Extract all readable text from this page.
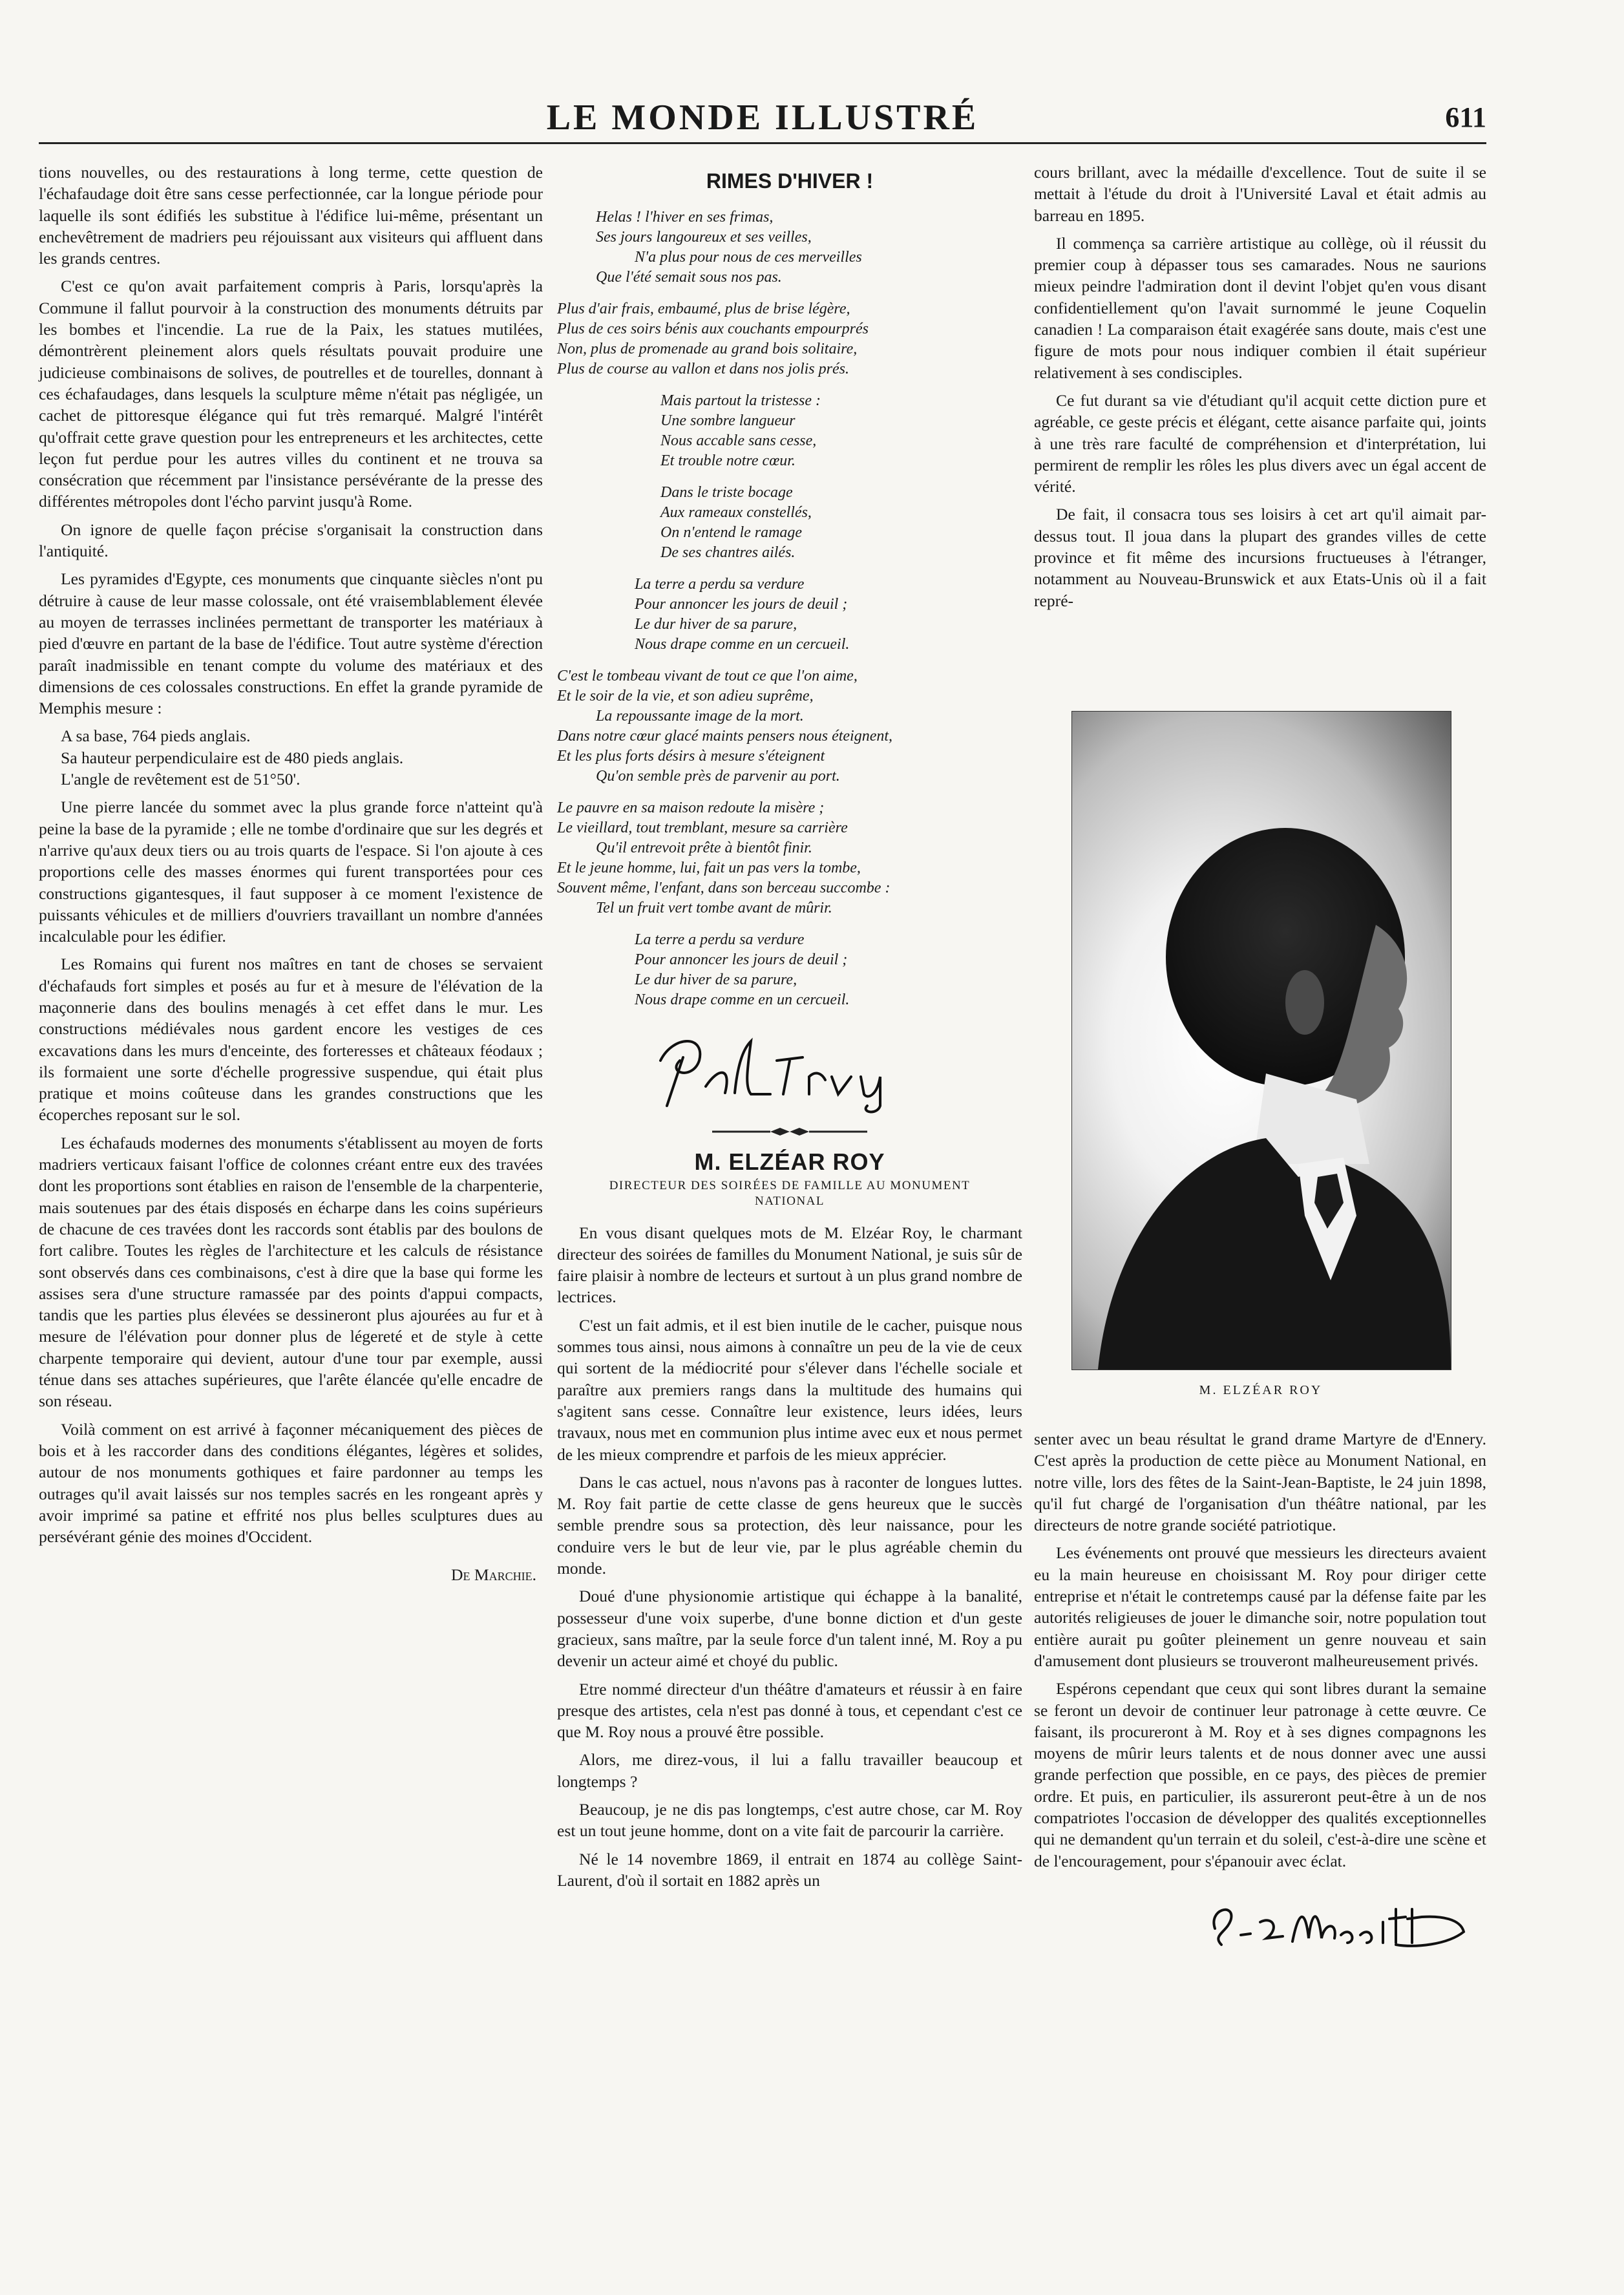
LE MONDE ILLUSTRÉ	611

tions nouvelles, ou des restaurations à long terme, cette question de l'échafaudage doit être sans cesse perfectionnée, car la longue période pour laquelle ils sont édifiés les substitue à l'édifice lui-même, présentant un enchevêtrement de madriers peu réjouissant aux visiteurs qui affluent dans les grands centres.

C'est ce qu'on avait parfaitement compris à Paris, lorsqu'après la Commune il fallut pourvoir à la construction des monuments détruits par les bombes et l'incendie. La rue de la Paix, les statues mutilées, démontrèrent pleinement alors quels résultats pouvait produire une judicieuse combinaisons de solives, de poutrelles et de tourelles, donnant à ces échafaudages, dans lesquels la sculpture même n'était pas négligée, un cachet de pittoresque élégance qui fut très remarqué. Malgré l'intérêt qu'offrait cette grave question pour les entrepreneurs et les architectes, cette leçon fut perdue pour les autres villes du continent et ne trouva sa consécration que récemment par l'insistance persévérante de la presse des différentes métropoles dont l'écho parvint jusqu'à Rome.

On ignore de quelle façon précise s'organisait la construction dans l'antiquité.

Les pyramides d'Egypte, ces monuments que cinquante siècles n'ont pu détruire à cause de leur masse colossale, ont été vraisemblablement élevée au moyen de terrasses inclinées permettant de transporter les matériaux à pied d'œuvre en partant de la base de l'édifice. Tout autre système d'érection paraît inadmissible en tenant compte du volume des matériaux et des dimensions de ces colossales constructions. En effet la grande pyramide de Memphis mesure :

A sa base, 764 pieds anglais.

Sa hauteur perpendiculaire est de 480 pieds anglais.

L'angle de revêtement est de 51°50'.

Une pierre lancée du sommet avec la plus grande force n'atteint qu'à peine la base de la pyramide ; elle ne tombe d'ordinaire que sur les degrés et n'arrive qu'aux deux tiers ou au trois quarts de l'espace. Si l'on ajoute à ces proportions celle des masses énormes qui furent transportées pour ces constructions gigantesques, il faut supposer à ce moment l'existence de puissants véhicules et de milliers d'ouvriers travaillant un nombre d'années incalculable pour les édifier.

Les Romains qui furent nos maîtres en tant de choses se servaient d'échafauds fort simples et posés au fur et à mesure de l'élévation de la maçonnerie dans des boulins menagés à cet effet dans le mur. Les constructions médiévales nous gardent encore les vestiges de ces excavations dans les murs d'enceinte, des forteresses et châteaux féodaux ; ils formaient une sorte d'échelle progressive suspendue, qui était plus pratique et moins coûteuse dans les grandes constructions que les écoperches reposant sur le sol.

Les échafauds modernes des monuments s'établissent au moyen de forts madriers verticaux faisant l'office de colonnes créant entre eux des travées dont les proportions sont établies en raison de l'ensemble de la charpenterie, mais soutenues par des étais disposés en écharpe dans les coins supérieurs de chacune de ces travées dont les raccords sont établis par des boulons de fort calibre. Toutes les règles de l'architecture et les calculs de résistance sont observés dans ces combinaisons, c'est à dire que la base qui forme les assises sera d'une structure ramassée par des points d'appui compacts, tandis que les parties plus élevées se dessineront plus ajourées au fur et à mesure de l'élévation pour donner plus de légereté et de style à cette charpente temporaire qui devient, autour d'une tour par exemple, aussi ténue dans ses attaches supérieures, que l'arête élancée qu'elle encadre de son réseau.

Voilà comment on est arrivé à façonner mécaniquement des pièces de bois et à les raccorder dans des conditions élégantes, légères et solides, autour de nos monuments gothiques et faire pardonner au temps les outrages qu'il avait laissés sur nos temples sacrés en les rongeant après y avoir imprimé sa patine et effrité nos plus belles sculptures dues au persévérant génie des moines d'Occident.

De Marchie.
RIMES D'HIVER !
Helas ! l'hiver en ses frimas,
Ses jours langoureux et ses veilles,
N'a plus pour nous de ces merveilles
Que l'été semait sous nos pas.
Plus d'air frais, embaumé, plus de brise légère,
Plus de ces soirs bénis aux couchants empourprés
Non, plus de promenade au grand bois solitaire,
Plus de course au vallon et dans nos jolis prés.
Mais partout la tristesse :
Une sombre langueur
Nous accable sans cesse,
Et trouble notre cœur.
Dans le triste bocage
Aux rameaux constellés,
On n'entend le ramage
De ses chantres ailés.
La terre a perdu sa verdure
Pour annoncer les jours de deuil ;
Le dur hiver de sa parure,
Nous drape comme en un cercueil.
C'est le tombeau vivant de tout ce que l'on aime,
Et le soir de la vie, et son adieu suprême,
La repoussante image de la mort.
Dans notre cœur glacé maints pensers nous éteignent,
Et les plus forts désirs à mesure s'éteignent
Qu'on semble près de parvenir au port.
Le pauvre en sa maison redoute la misère ;
Le vieillard, tout tremblant, mesure sa carrière
Qu'il entrevoit prête à bientôt finir.
Et le jeune homme, lui, fait un pas vers la tombe,
Souvent même, l'enfant, dans son berceau succombe :
Tel un fruit vert tombe avant de mûrir.
La terre a perdu sa verdure
Pour annoncer les jours de deuil ;
Le dur hiver de sa parure,
Nous drape comme en un cercueil.
M. ELZÉAR ROY
DIRECTEUR DES SOIRÉES DE FAMILLE AU MONUMENT NATIONAL

En vous disant quelques mots de M. Elzéar Roy, le charmant directeur des soirées de familles du Monument National, je suis sûr de faire plaisir à nombre de lecteurs et surtout à un plus grand nombre de lectrices.

C'est un fait admis, et il est bien inutile de le cacher, puisque nous sommes tous ainsi, nous aimons à connaître un peu de la vie de ceux qui sortent de la médiocrité pour s'élever dans l'échelle sociale et paraître aux premiers rangs dans la multitude des humains qui s'agitent sans cesse. Connaître leur existence, leurs idées, leurs travaux, nous met en communion plus intime avec eux et nous permet de les mieux comprendre et parfois de les mieux apprécier.

Dans le cas actuel, nous n'avons pas à raconter de longues luttes. M. Roy fait partie de cette classe de gens heureux que le succès semble prendre sous sa protection, dès leur naissance, pour les conduire vers le but de leur vie, par le plus agréable chemin du monde.

Doué d'une physionomie artistique qui échappe à la banalité, possesseur d'une voix superbe, d'une bonne diction et d'un geste gracieux, sans maître, par la seule force d'un talent inné, M. Roy a pu devenir un acteur aimé et choyé du public.

Etre nommé directeur d'un théâtre d'amateurs et réussir à en faire presque des artistes, cela n'est pas donné à tous, et cependant c'est ce que M. Roy nous a prouvé être possible.

Alors, me direz-vous, il lui a fallu travailler beaucoup et longtemps ?

Beaucoup, je ne dis pas longtemps, c'est autre chose, car M. Roy est un tout jeune homme, dont on a vite fait de parcourir la carrière.

Né le 14 novembre 1869, il entrait en 1874 au collège Saint-Laurent, d'où il sortait en 1882 après un

cours brillant, avec la médaille d'excellence. Tout de suite il se mettait à l'étude du droit à l'Université Laval et était admis au barreau en 1895.

Il commença sa carrière artistique au collège, où il réussit du premier coup à dépasser tous ses camarades. Nous ne saurions mieux peindre l'admiration dont il devint l'objet qu'en vous disant confidentiellement qu'on l'avait surnommé le jeune Coquelin canadien ! La comparaison était exagérée sans doute, mais c'est une figure de mots pour nous indiquer combien il était supérieur relativement à ses condisciples.

Ce fut durant sa vie d'étudiant qu'il acquit cette diction pure et agréable, ce geste précis et élégant, cette aisance parfaite qui, joints à une très rare faculté de compréhension et d'interprétation, lui permirent de remplir les rôles les plus divers avec un égal accent de vérité.

De fait, il consacra tous ses loisirs à cet art qu'il aimait par-dessus tout. Il joua dans la plupart des grandes villes de cette province et fit même des incursions fructueuses à l'étranger, notamment au Nouveau-Brunswick et aux Etats-Unis où il a fait repré-

M. ELZÉAR ROY

senter avec un beau résultat le grand drame Martyre de d'Ennery. C'est après la production de cette pièce au Monument National, en notre ville, lors des fêtes de la Saint-Jean-Baptiste, le 24 juin 1898, qu'il fut chargé de l'organisation d'un théâtre national, par les directeurs de notre grande société patriotique.

Les événements ont prouvé que messieurs les directeurs avaient eu la main heureuse en choisissant M. Roy pour diriger cette entreprise et n'était le contretemps causé par la défense faite par les autorités religieuses de jouer le dimanche soir, notre population tout entière aurait pu goûter pleinement un genre nouveau et sain d'amusement dont plusieurs se trouveront malheureusement privés.

Espérons cependant que ceux qui sont libres durant la semaine se feront un devoir de continuer leur patronage à cette œuvre. Ce faisant, ils procureront à M. Roy et à ses dignes compagnons les moyens de mûrir leurs talents et de nous donner avec une aussi grande perfection que possible, en ce pays, des pièces de premier ordre. Et puis, en particulier, ils assureront peut-être à un de nos compatriotes l'occasion de développer des qualités exceptionnelles qui ne demandent qu'un terrain et du soleil, c'est-à-dire une scène et de l'encouragement, pour s'épanouir avec éclat.
